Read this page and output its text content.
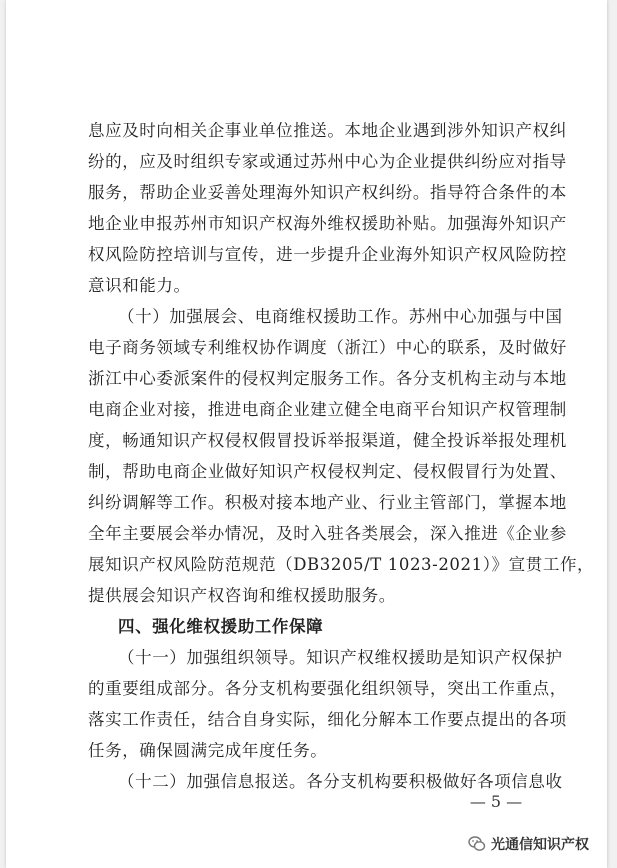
息应及时向相关企事业单位推送。本地企业遇到涉外知识产权纠
纷的，应及时组织专家或通过苏州中心为企业提供纠纷应对指导
服务，帮助企业妥善处理海外知识产权纠纷。指导符合条件的本
地企业申报苏州市知识产权海外维权援助补贴。加强海外知识产
权风险防控培训与宣传，进一步提升企业海外知识产权风险防控
意识和能力。
（十）加强展会、电商维权援助工作。苏州中心加强与中国
电子商务领域专利维权协作调度（浙江）中心的联系，及时做好
浙江中心委派案件的侵权判定服务工作。各分支机构主动与本地
电商企业对接，推进电商企业建立健全电商平台知识产权管理制
度，畅通知识产权侵权假冒投诉举报渠道，健全投诉举报处理机
制，帮助电商企业做好知识产权侵权判定、侵权假冒行为处置、
纠纷调解等工作。积极对接本地产业、行业主管部门，掌握本地
全年主要展会举办情况，及时入驻各类展会，深入推进《企业参
展知识产权风险防范规范（DB3205/T 1023-2021）》宣贯工作，
提供展会知识产权咨询和维权援助服务。
四、强化维权援助工作保障
（十一）加强组织领导。知识产权维权援助是知识产权保护
的重要组成部分。各分支机构要强化组织领导，突出工作重点，
落实工作责任，结合自身实际，细化分解本工作要点提出的各项
任务，确保圆满完成年度任务。
（十二）加强信息报送。各分支机构要积极做好各项信息收
— 5 —
光通信知识产权
